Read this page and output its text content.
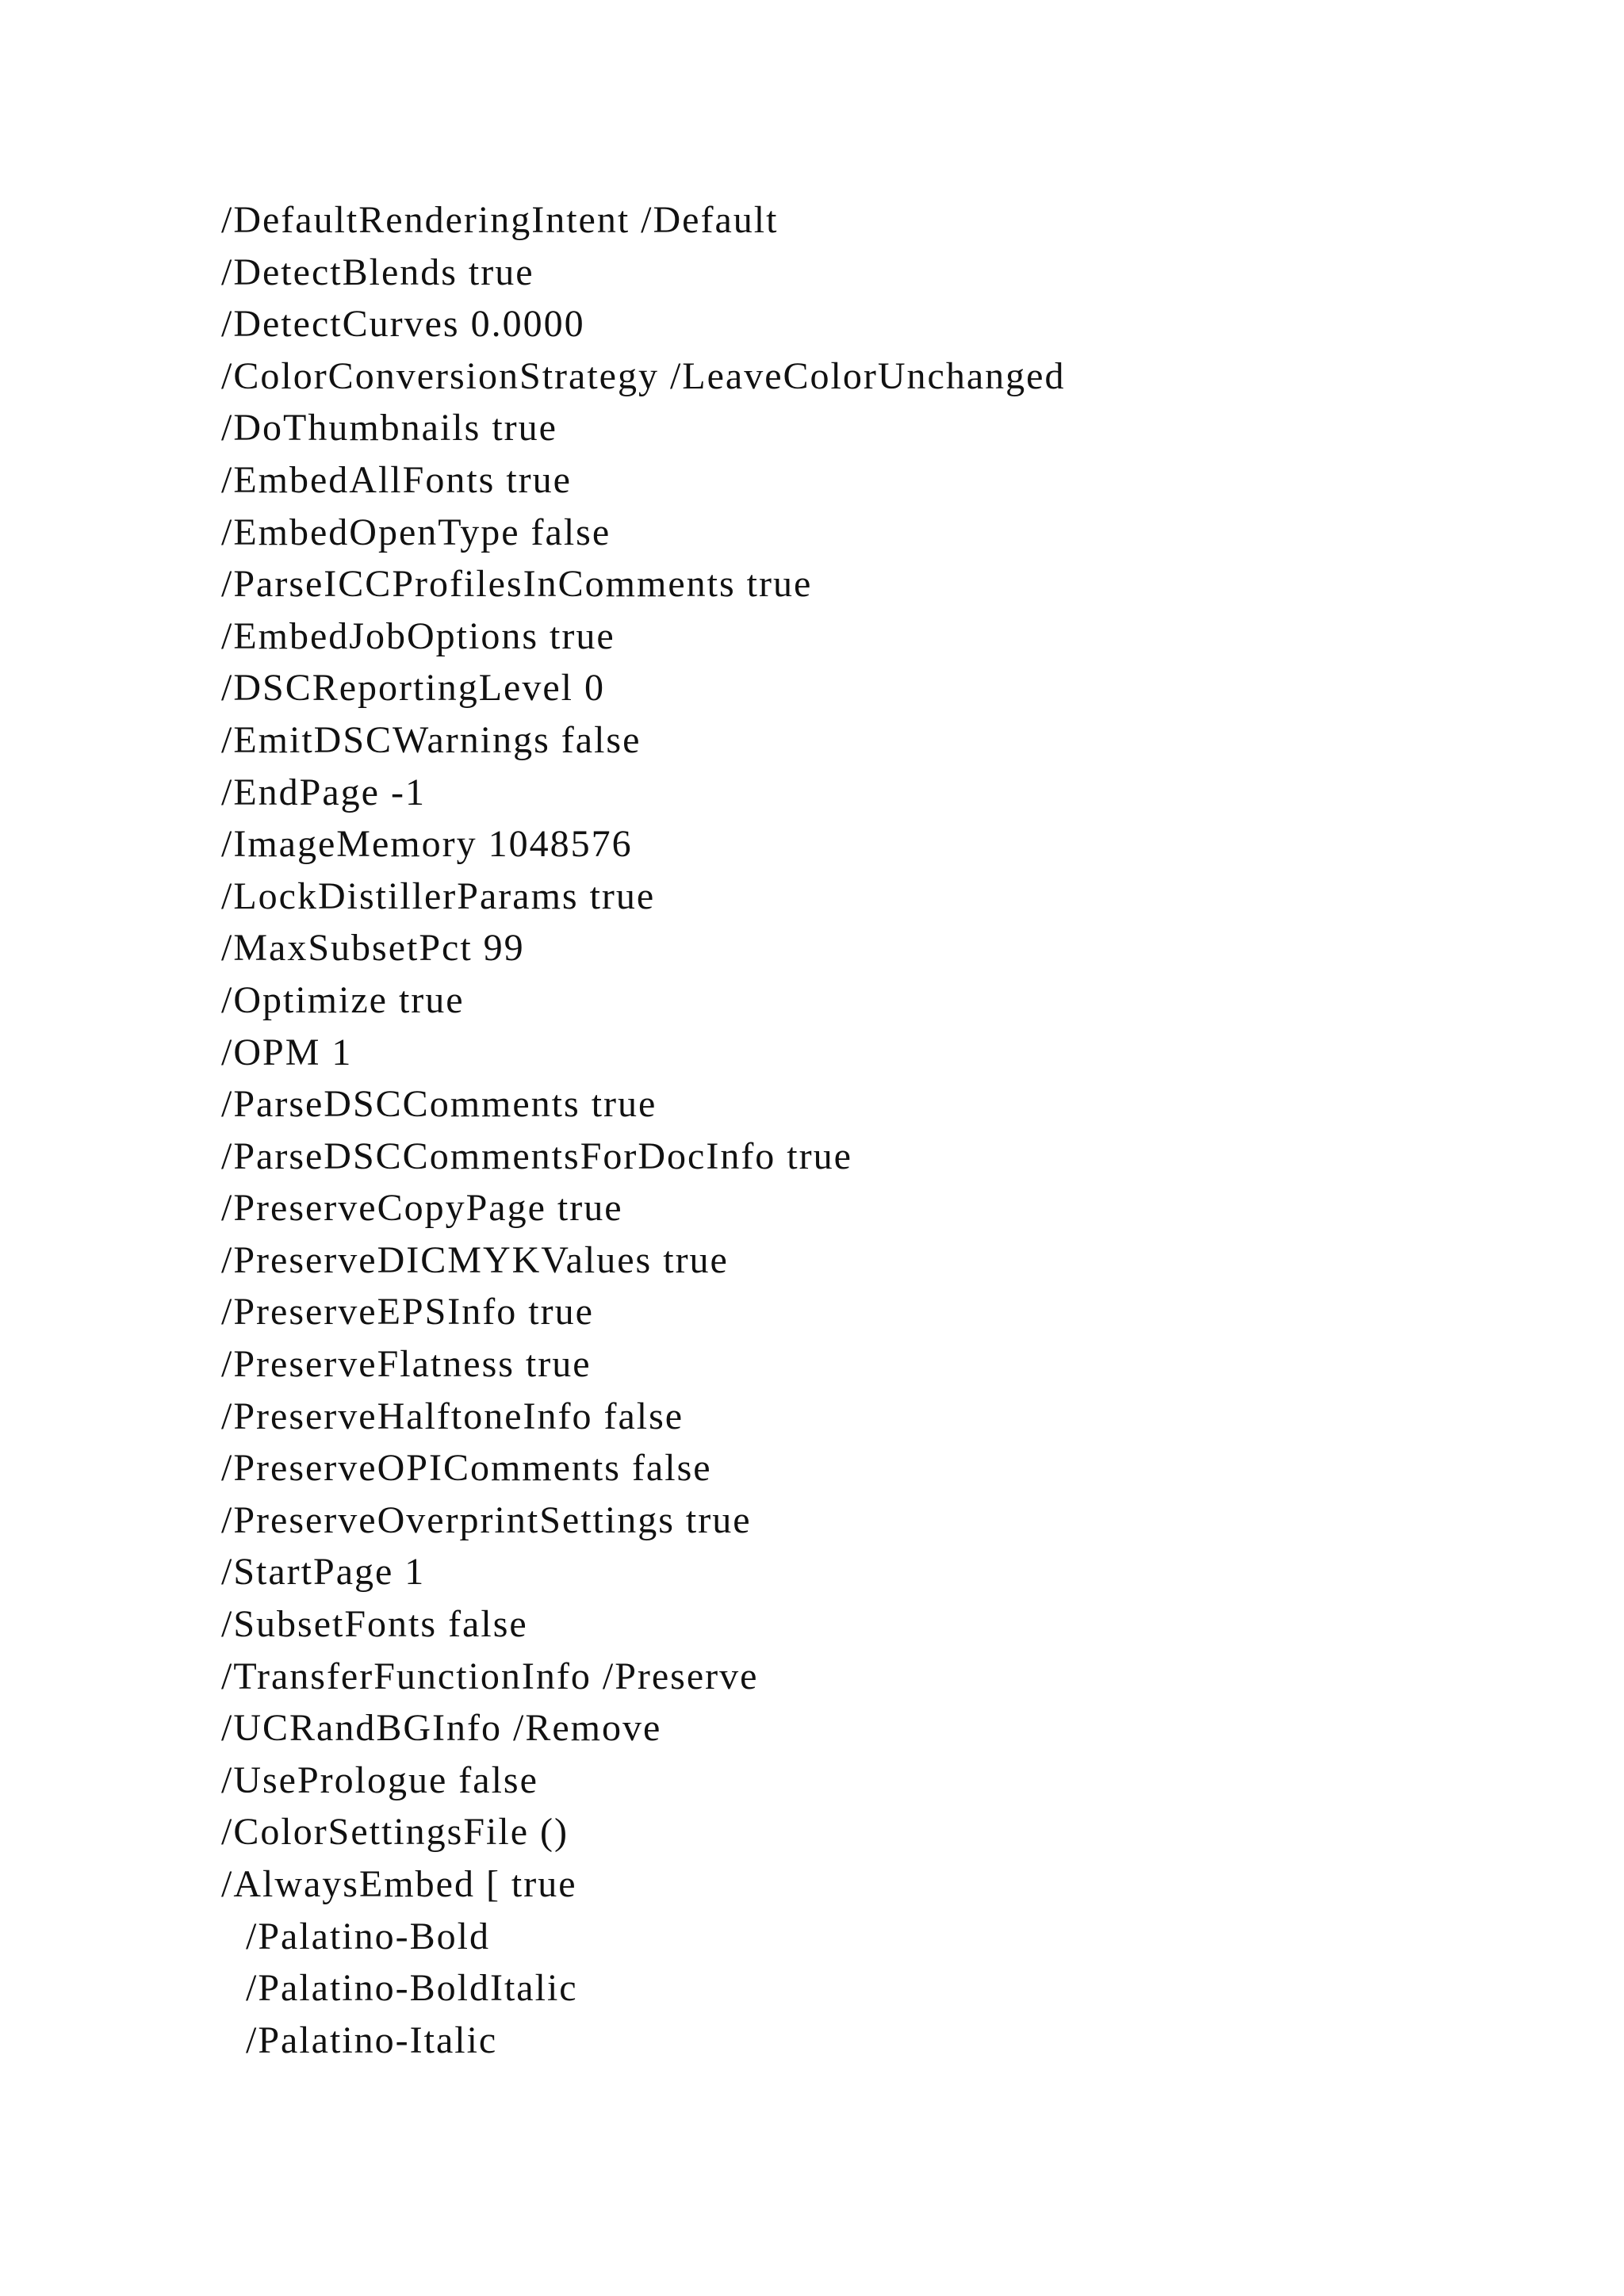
/DefaultRenderingIntent /Default
/DetectBlends true
/DetectCurves 0.0000
/ColorConversionStrategy /LeaveColorUnchanged
/DoThumbnails true
/EmbedAllFonts true
/EmbedOpenType false
/ParseICCProfilesInComments true
/EmbedJobOptions true
/DSCReportingLevel 0
/EmitDSCWarnings false
/EndPage -1
/ImageMemory 1048576
/LockDistillerParams true
/MaxSubsetPct 99
/Optimize true
/OPM 1
/ParseDSCComments true
/ParseDSCCommentsForDocInfo true
/PreserveCopyPage true
/PreserveDICMYKValues true
/PreserveEPSInfo true
/PreserveFlatness true
/PreserveHalftoneInfo false
/PreserveOPIComments false
/PreserveOverprintSettings true
/StartPage 1
/SubsetFonts false
/TransferFunctionInfo /Preserve
/UCRandBGInfo /Remove
/UsePrologue false
/ColorSettingsFile ()
/AlwaysEmbed [ true
/Palatino-Bold
/Palatino-BoldItalic
/Palatino-Italic
